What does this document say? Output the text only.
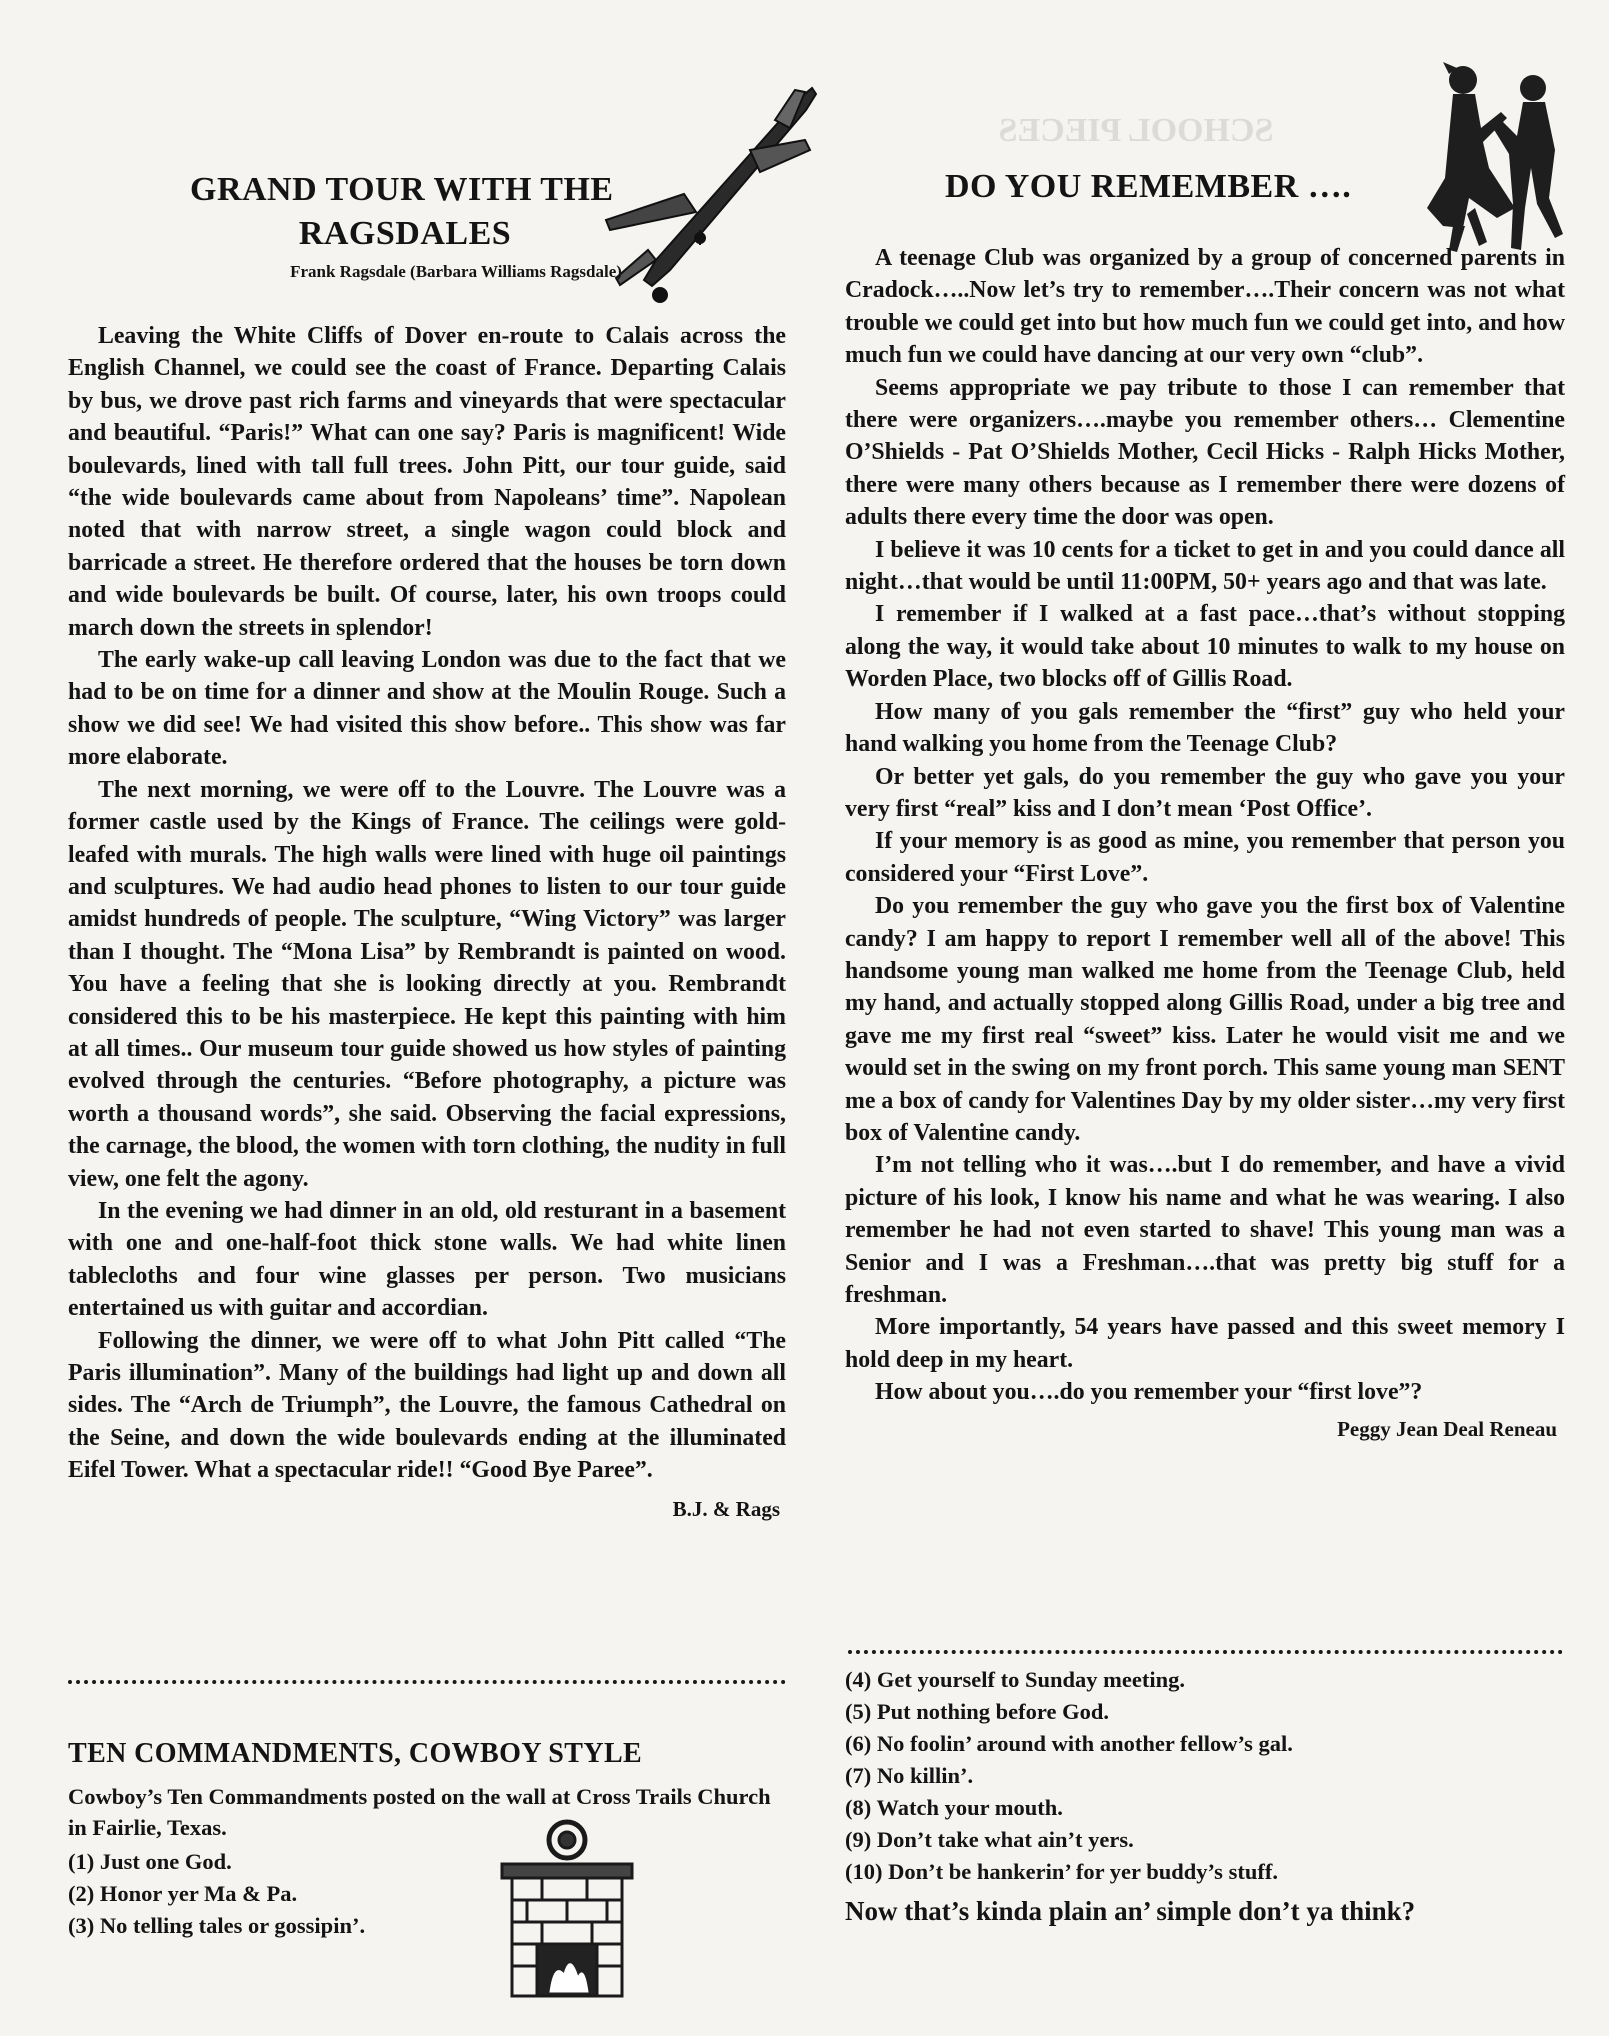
SCHOOL PIECES
GRAND TOUR WITH THE
RAGSDALES
Frank Ragsdale (Barbara Williams Ragsdale)

Leaving the White Cliffs of Dover en-route to Calais across the English Channel, we could see the coast of France. Departing Calais by bus, we drove past rich farms and vineyards that were spectacular and beautiful. “Paris!” What can one say? Paris is magnificent! Wide boulevards, lined with tall full trees. John Pitt, our tour guide, said “the wide boulevards came about from Napoleans’ time”. Napolean noted that with narrow street, a single wagon could block and barricade a street. He therefore ordered that the houses be torn down and wide boulevards be built. Of course, later, his own troops could march down the streets in splendor!

The early wake-up call leaving London was due to the fact that we had to be on time for a dinner and show at the Moulin Rouge. Such a show we did see! We had visited this show before.. This show was far more elaborate.

The next morning, we were off to the Louvre. The Louvre was a former castle used by the Kings of France. The ceilings were gold-leafed with murals. The high walls were lined with huge oil paintings and sculptures. We had audio head phones to listen to our tour guide amidst hundreds of people. The sculpture, “Wing Victory” was larger than I thought. The “Mona Lisa” by Rembrandt is painted on wood. You have a feeling that she is looking directly at you. Rembrandt considered this to be his masterpiece. He kept this painting with him at all times.. Our museum tour guide showed us how styles of painting evolved through the centuries. “Before photography, a picture was worth a thousand words”, she said. Observing the facial expressions, the carnage, the blood, the women with torn clothing, the nudity in full view, one felt the agony.

In the evening we had dinner in an old, old resturant in a basement with one and one-half-foot thick stone walls. We had white linen tablecloths and four wine glasses per person. Two musicians entertained us with guitar and accordian.

Following the dinner, we were off to what John Pitt called “The Paris illumination”. Many of the buildings had light up and down all sides. The “Arch de Triumph”, the Louvre, the famous Cathedral on the Seine, and down the wide boulevards ending at the illuminated Eifel Tower. What a spectacular ride!! “Good Bye Paree”.

B.J. & Rags
TEN COMMANDMENTS, COWBOY STYLE
Cowboy’s Ten Commandments posted on the wall at Cross Trails Church in Fairlie, Texas.
(1) Just one God.
(2) Honor yer Ma & Pa.
(3) No telling tales or gossipin’.
DO YOU REMEMBER ….

A teenage Club was organized by a group of concerned parents in Cradock…..Now let’s try to remember….Their concern was not what trouble we could get into but how much fun we could get into, and how much fun we could have dancing at our very own “club”.

Seems appropriate we pay tribute to those I can remember that there were organizers….maybe you remember others… Clementine O’Shields - Pat O’Shields Mother, Cecil Hicks - Ralph Hicks Mother, there were many others because as I remember there were dozens of adults there every time the door was open.

I believe it was 10 cents for a ticket to get in and you could dance all night…that would be until 11:00PM, 50+ years ago and that was late.

I remember if I walked at a fast pace…that’s without stopping along the way, it would take about 10 minutes to walk to my house on Worden Place, two blocks off of Gillis Road.

How many of you gals remember the “first” guy who held your hand walking you home from the Teenage Club?

Or better yet gals, do you remember the guy who gave you your very first “real” kiss and I don’t mean ‘Post Office’.

If your memory is as good as mine, you remember that person you considered your “First Love”.

Do you remember the guy who gave you the first box of Valentine candy? I am happy to report I remember well all of the above! This handsome young man walked me home from the Teenage Club, held my hand, and actually stopped along Gillis Road, under a big tree and gave me my first real “sweet” kiss. Later he would visit me and we would set in the swing on my front porch. This same young man SENT me a box of candy for Valentines Day by my older sister…my very first box of Valentine candy.

I’m not telling who it was….but I do remember, and have a vivid picture of his look, I know his name and what he was wearing. I also remember he had not even started to shave! This young man was a Senior and I was a Freshman….that was pretty big stuff for a freshman.

More importantly, 54 years have passed and this sweet memory I hold deep in my heart.

How about you….do you remember your “first love”?

Peggy Jean Deal Reneau
(4) Get yourself to Sunday meeting.
(5) Put nothing before God.
(6) No foolin’ around with another fellow’s gal.
(7) No killin’.
(8) Watch your mouth.
(9) Don’t take what ain’t yers.
(10) Don’t be hankerin’ for yer buddy’s stuff.
Now that’s kinda plain an’ simple don’t ya think?
